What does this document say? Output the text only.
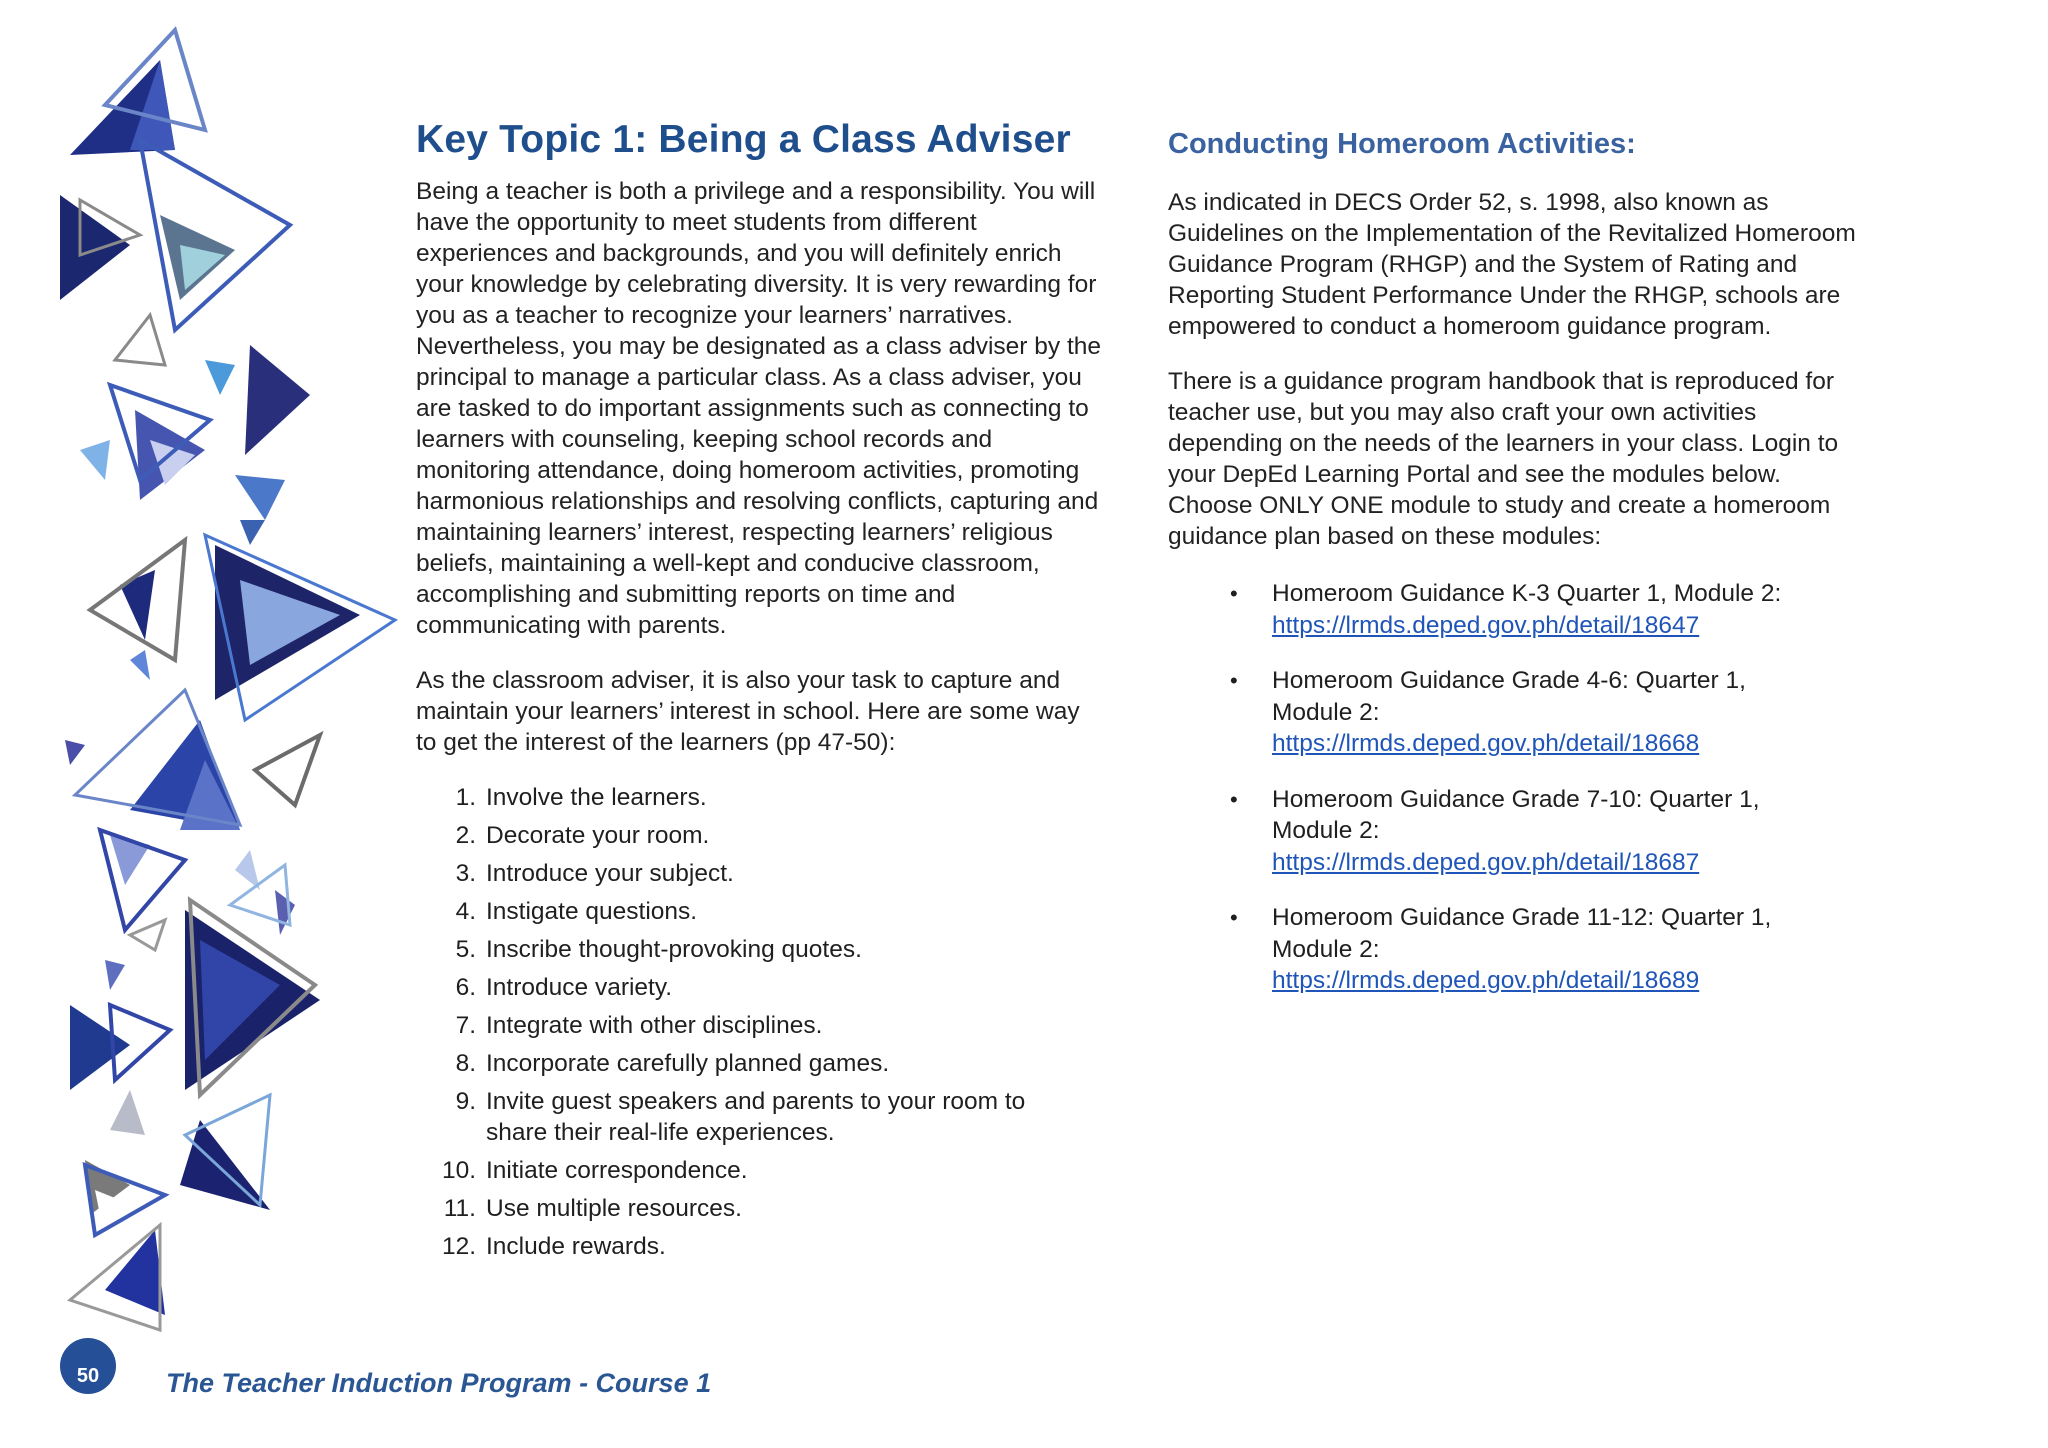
Key Topic 1: Being a Class Adviser

Being a teacher is both a privilege and a responsibility. You will have the opportunity to meet students from different experiences and backgrounds, and you will definitely enrich your knowledge by celebrating diversity. It is very rewarding for you as a teacher to recognize your learners’ narratives. Nevertheless, you may be designated as a class adviser by the principal to manage a particular class. As a class adviser, you are tasked to do important assignments such as connecting to learners with counseling, keeping school records and monitoring attendance, doing homeroom activities, promoting harmonious relationships and resolving conflicts, capturing and maintaining learners’ interest, respecting learners’ religious beliefs, maintaining a well-kept and conducive classroom, accomplishing and submitting reports on time and communicating with parents.

As the classroom adviser, it is also your task to capture and maintain your learners’ interest in school. Here are some way to get the interest of the learners (pp 47-50):

1. Involve the learners.
2. Decorate your room.
3. Introduce your subject.
4. Instigate questions.
5. Inscribe thought-provoking quotes.
6. Introduce variety.
7. Integrate with other disciplines.
8. Incorporate carefully planned games.
9. Invite guest speakers and parents to your room to share their real-life experiences.
10. Initiate correspondence.
11. Use multiple resources.
12. Include rewards.
Conducting Homeroom Activities:

As indicated in DECS Order 52, s. 1998, also known as Guidelines on the Implementation of the Revitalized Homeroom Guidance Program (RHGP) and the System of Rating and Reporting Student Performance Under the RHGP, schools are empowered to conduct a homeroom guidance program.

There is a guidance program handbook that is reproduced for teacher use, but you may also craft your own activities depending on the needs of the learners in your class. Login to your DepEd Learning Portal and see the modules below. Choose ONLY ONE module to study and create a homeroom guidance plan based on these modules:

• Homeroom Guidance K-3 Quarter 1, Module 2: https://lrmds.deped.gov.ph/detail/18647
• Homeroom Guidance Grade 4-6: Quarter 1, Module 2: https://lrmds.deped.gov.ph/detail/18668
• Homeroom Guidance Grade 7-10: Quarter 1, Module 2: https://lrmds.deped.gov.ph/detail/18687
• Homeroom Guidance Grade 11-12: Quarter 1, Module 2: https://lrmds.deped.gov.ph/detail/18689
50	The Teacher Induction Program - Course 1
